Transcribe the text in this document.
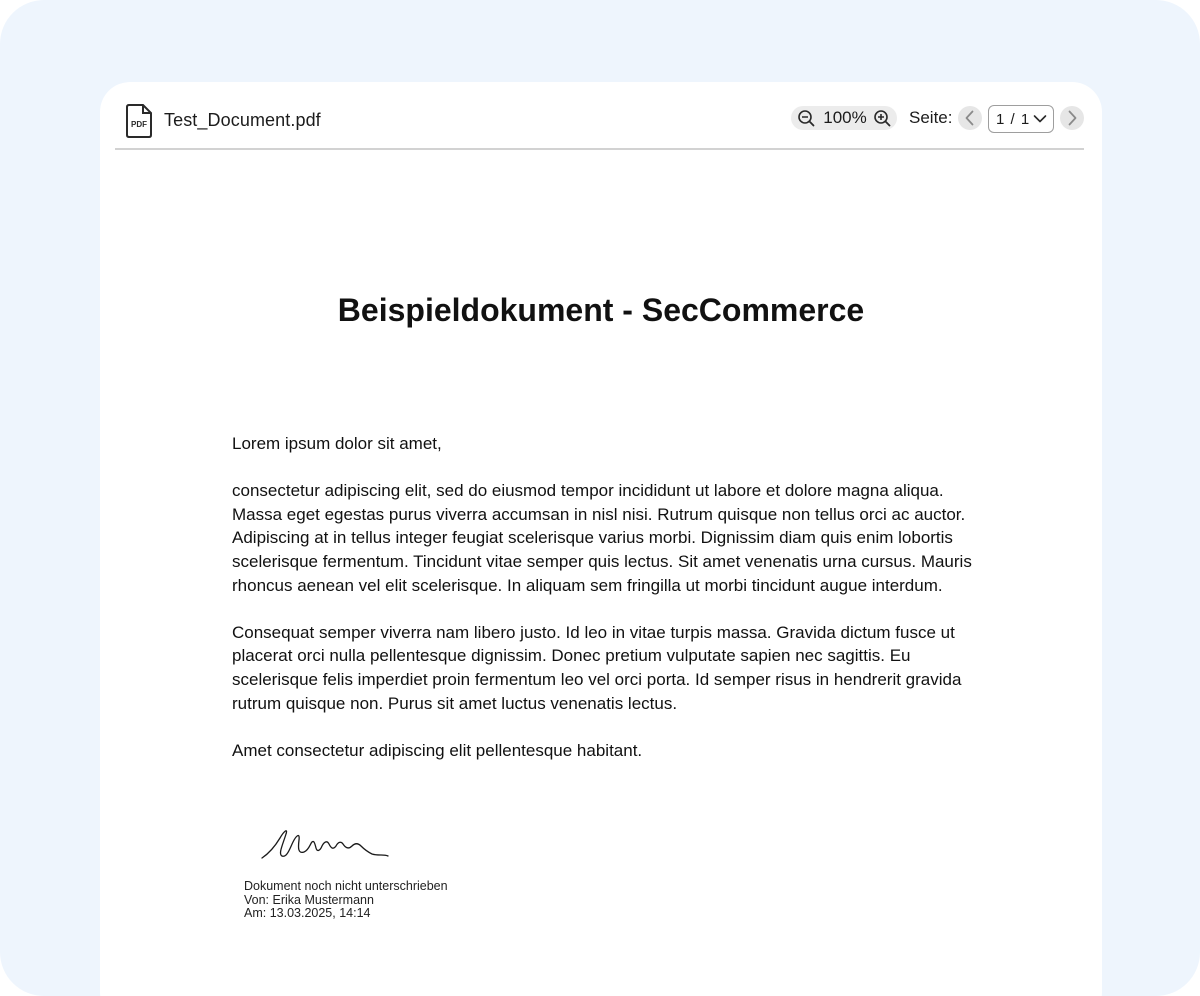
PDF Test_Document.pdf	100% Seite:	1 / 1
Beispieldokument - SecCommerce

Lorem ipsum dolor sit amet,

consectetur adipiscing elit, sed do eiusmod tempor incididunt ut labore et dolore magna aliqua. Massa eget egestas purus viverra accumsan in nisl nisi. Rutrum quisque non tellus orci ac auctor. Adipiscing at in tellus integer feugiat scelerisque varius morbi. Dignissim diam quis enim lobortis scelerisque fermentum. Tincidunt vitae semper quis lectus. Sit amet venenatis urna cursus. Mauris rhoncus aenean vel elit scelerisque. In aliquam sem fringilla ut morbi tincidunt augue interdum.

Consequat semper viverra nam libero justo. Id leo in vitae turpis massa. Gravida dictum fusce ut placerat orci nulla pellentesque dignissim. Donec pretium vulputate sapien nec sagittis. Eu scelerisque felis imperdiet proin fermentum leo vel orci porta. Id semper risus in hendrerit gravida rutrum quisque non. Purus sit amet luctus venenatis lectus.

Amet consectetur adipiscing elit pellentesque habitant.

Dokument noch nicht unterschrieben
Von: Erika Mustermann
Am: 13.03.2025, 14:14
